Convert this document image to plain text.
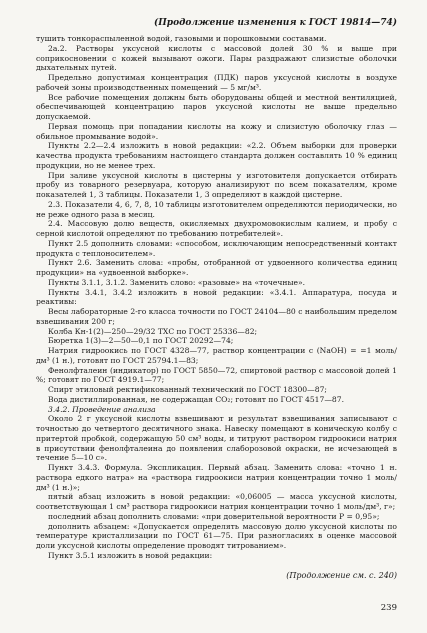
(Продолжение изменения к ГОСТ 19814—74)

тушить тонкораспыленной водой, газовыми и порошковыми составами.

2а.2. Растворы уксусной кислоты с массовой долей 30 % и выше при соприкосновении с кожей вызывают ожоги. Пары раздражают слизистые оболочки дыхательных путей.

Предельно допустимая концентрация (ПДК) паров уксусной кислоты в воздухе рабочей зоны производственных помещений — 5 мг/м³.

Все рабочие помещения должны быть оборудованы общей и местной вентиляцией, обеспечивающей концентрацию паров уксусной кислоты не выше предельно допускаемой.

Первая помощь при попадании кислоты на кожу и слизистую оболочку глаз — обильное промывание водой».

Пункты 2.2—2.4 изложить в новой редакции: «2.2. Объем выборки для проверки качества продукта требованиям настоящего стандарта должен составлять 10 % единиц продукции, но не менее трех.

При заливе уксусной кислоты в цистерны у изготовителя допускается отбирать пробу из товарного резервуара, которую анализируют по всем показателям, кроме показателей 1, 3 таблицы. Показатели 1, 3 определяют в каждой цистерне.

2.3. Показатели 4, 6, 7, 8, 10 таблицы изготовителем определяются периодически, но не реже одного раза в месяц.

2.4. Массовую долю веществ, окисляемых двухромовокислым калием, и пробу с серной кислотой определяют по требованию потребителей».

Пункт 2.5 дополнить словами: «способом, исключающим непосредственный контакт продукта с теплоносителем».

Пункт 2.6. Заменить слова: «пробы, отобранной от удвоенного количества единиц продукции» на «удвоенной выборке».

Пункты 3.1.1, 3.1.2. Заменить слово: «разовые» на «точечные».

Пункты 3.4.1, 3.4.2 изложить в новой редакции: «3.4.1. Аппаратура, посуда и реактивы:

Весы лабораторные 2-го класса точности по ГОСТ 24104—80 с наибольшим пределом взвешивания 200 г;

Колба Кн-1(2)—250—29/32 ТХС по ГОСТ 25336—82;

Бюретка 1(3)—2—50—0,1 по ГОСТ 20292—74;

Натрия гидроокись по ГОСТ 4328—77, раствор концентрации с (NaOH) = =1 моль/дм³ (1 н.), готовят по ГОСТ 25794.1—83;

Фенолфталеин (индикатор) по ГОСТ 5850—72, спиртовой раствор с массовой долей 1 %; готовят по ГОСТ 4919.1—77;

Спирт этиловый ректификованный технический по ГОСТ 18300—87;

Вода дистиллированная, не содержащая CO₂; готовят по ГОСТ 4517—87.

3.4.2. Проведение анализа

Около 2 г уксусной кислоты взвешивают и результат взвешивания записывают с точностью до четвертого десятичного знака. Навеску помещают в коническую колбу с притертой пробкой, содержащую 50 см³ воды, и титруют раствором гидроокиси натрия в присутствии фенолфталеина до появления слаборозовой окраски, не исчезающей в течение 5—10 с».

Пункт 3.4.3. Формула. Экспликация. Первый абзац. Заменить слова: «точно 1 н. раствора едкого натра» на «раствора гидроокиси натрия концентрации точно 1 моль/дм³ (1 н.)»;

пятый абзац изложить в новой редакции: «0,06005 — масса уксусной кислоты, соответствующая 1 см³ раствора гидроокиси натрия концентрации точно 1 моль/дм³, г»;

последний абзац дополнить словами: «при доверительной вероятности P = 0,95»;

дополнить абзацем: «Допускается определять массовую долю уксусной кислоты по температуре кристаллизации по ГОСТ 61—75. При разногласиях в оценке массовой доли уксусной кислоты определение проводят титрованием».

Пункт 3.5.1 изложить в новой редакции:

(Продолжение см. с. 240)
239
